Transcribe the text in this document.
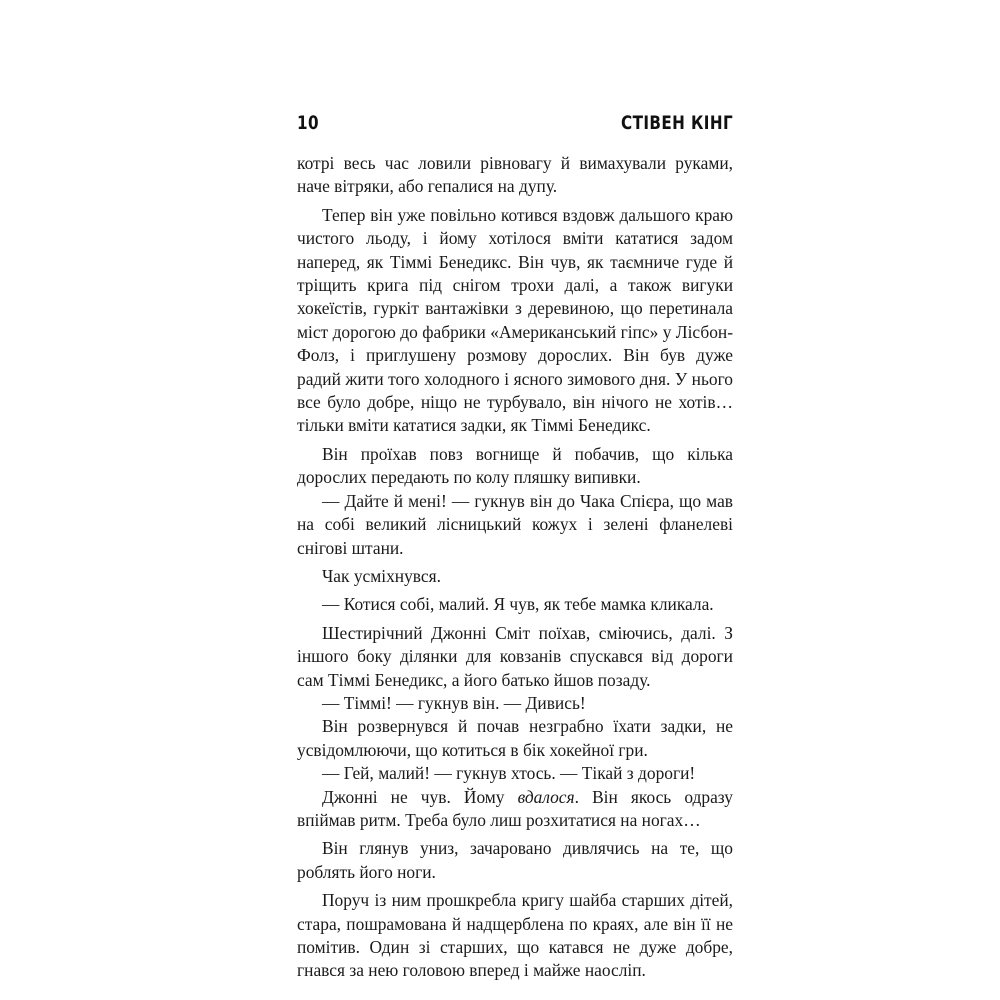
10	СТІВЕН КІНГ

котрі весь час ловили рівновагу й вимахували руками, наче вітряки, або гепалися на дупу.

Тепер він уже повільно котився вздовж дальшого краю чистого льоду, і йому хотілося вміти кататися задом наперед, як Тіммі Бенедикс. Він чув, як таємниче гуде й тріщить крига під снігом трохи далі, а також вигуки хокеїстів, гуркіт вантажівки з деревиною, що перетинала міст дорогою до фабрики «Американський гіпс» у Лісбон-Фолз, і приглушену розмову дорослих. Він був дуже радий жити того холодного і ясного зимового дня. У нього все було добре, ніщо не турбувало, він нічого не хотів… тільки вміти кататися задки, як Тіммі Бенедикс.

Він проїхав повз вогнище й побачив, що кілька дорослих передають по колу пляшку випивки.

— Дайте й мені! — гукнув він до Чака Спієра, що мав на собі великий лісницький кожух і зелені фланелеві снігові штани.

Чак усміхнувся.

— Котися собі, малий. Я чув, як тебе мамка кликала.

Шестирічний Джонні Сміт поїхав, сміючись, далі. З іншого боку ділянки для ковзанів спускався від дороги сам Тіммі Бенедикс, а його батько йшов позаду.

— Тіммі! — гукнув він. — Дивись!

Він розвернувся й почав незграбно їхати задки, не усвідомлюючи, що котиться в бік хокейної гри.

— Гей, малий! — гукнув хтось. — Тікай з дороги!

Джонні не чув. Йому вдалося. Він якось одразу впіймав ритм. Треба було лиш розхитатися на ногах…

Він глянув униз, зачаровано дивлячись на те, що роблять його ноги.

Поруч із ним прошкребла кригу шайба старших дітей, стара, пошрамована й надщерблена по краях, але він її не помітив. Один зі старших, що катався не дуже добре, гнався за нею головою вперед і майже наосліп.
